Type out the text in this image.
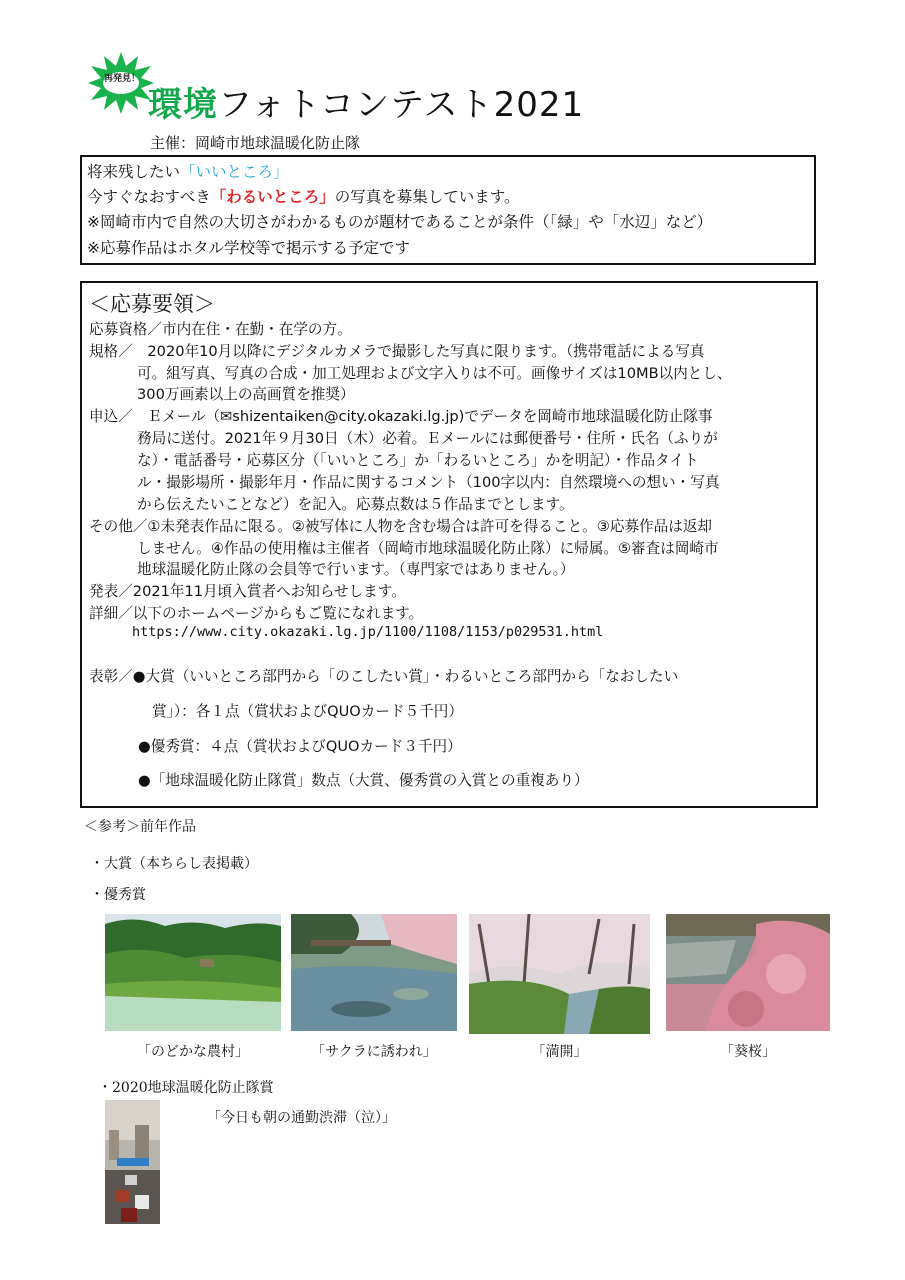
再発見！
環境フォトコンテスト2021
主催：岡崎市地球温暖化防止隊
将来残したい「いいところ」
今すぐなおすべき「わるいところ」の写真を募集しています。
※岡崎市内で自然の大切さがわかるものが題材であることが条件（「緑」や「水辺」など）
※応募作品はホタル学校等で掲示する予定です
＜応募要領＞
応募資格／市内在住・在勤・在学の方。
規格／　2020年10月以降にデジタルカメラで撮影した写真に限ります。（携帯電話による写真
可。組写真、写真の合成・加工処理および文字入りは不可。画像サイズは10MB以内とし、
300万画素以上の高画質を推奨）
申込／　Ｅメール（✉shizentaiken@city.okazaki.lg.jp)でデータを岡崎市地球温暖化防止隊事
務局に送付。2021年９月30日（木）必着。Ｅメールには郵便番号・住所・氏名（ふりが
な）・電話番号・応募区分（「いいところ」か「わるいところ」かを明記）・作品タイト
ル・撮影場所・撮影年月・作品に関するコメント（100字以内：自然環境への想い・写真
から伝えたいことなど）を記入。応募点数は５作品までとします。
その他／①未発表作品に限る。②被写体に人物を含む場合は許可を得ること。③応募作品は返却
しません。④作品の使用権は主催者（岡崎市地球温暖化防止隊）に帰属。⑤審査は岡崎市
地球温暖化防止隊の会員等で行います。（専門家ではありません。）
発表／2021年11月頃入賞者へお知らせします。
詳細／以下のホームページからもご覧になれます。
https://www.city.okazaki.lg.jp/1100/1108/1153/p029531.html
表彰／●大賞（いいところ部門から「のこしたい賞」・わるいところ部門から「なおしたい
賞」）：各１点（賞状およびQUOカード５千円）
●優秀賞：４点（賞状およびQUOカード３千円）
●「地球温暖化防止隊賞」数点（大賞、優秀賞の入賞との重複あり）
＜参考＞前年作品
・大賞（本ちらし表掲載）
・優秀賞
「のどかな農村」	「サクラに誘われ」	「満開」	「葵桜」
・2020地球温暖化防止隊賞
「今日も朝の通勤渋滞（泣）」
